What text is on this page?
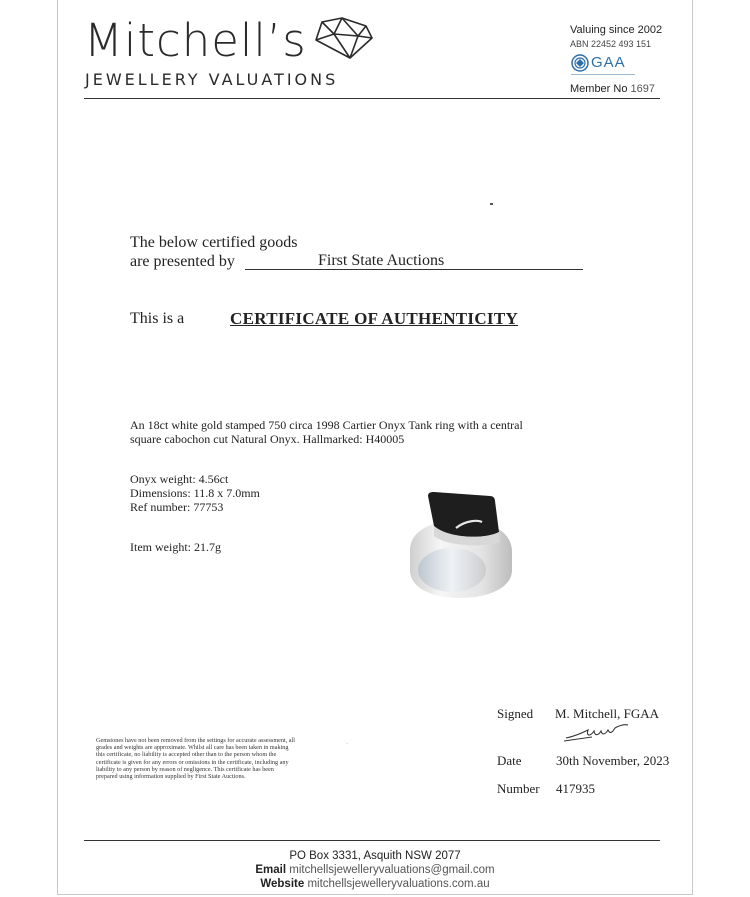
Mitchell’s
JEWELLERY VALUATIONS
Valuing since 2002
ABN 22452 493 151
GAA
Member No 1697
The below certified goods
are presented by	First State Auctions
This is a	CERTIFICATE OF AUTHENTICITY
An 18ct white gold stamped 750 circa 1998 Cartier Onyx Tank ring with a central
square cabochon cut Natural Onyx. Hallmarked: H40005
Onyx weight: 4.56ct
Dimensions: 11.8 x 7.0mm
Ref number: 77753
Item weight: 21.7g
Gemstones have not been removed from the settings for accurate assessment, all grades and weights are approximate. Whilst all care has been taken in making this certificate, no liability is accepted other than to the person whom the certificate is given for any errors or omissions in the certificate, including any liability to any person by reason of negligence. This certificate has been prepared using information supplied by First State Auctions.
·
Signed M. Mitchell, FGAA
Date	30th November, 2023
Number 417935
PO Box 3331, Asquith NSW 2077
Email mitchellsjewelleryvaluations@gmail.com
Website mitchellsjewelleryvaluations.com.au
